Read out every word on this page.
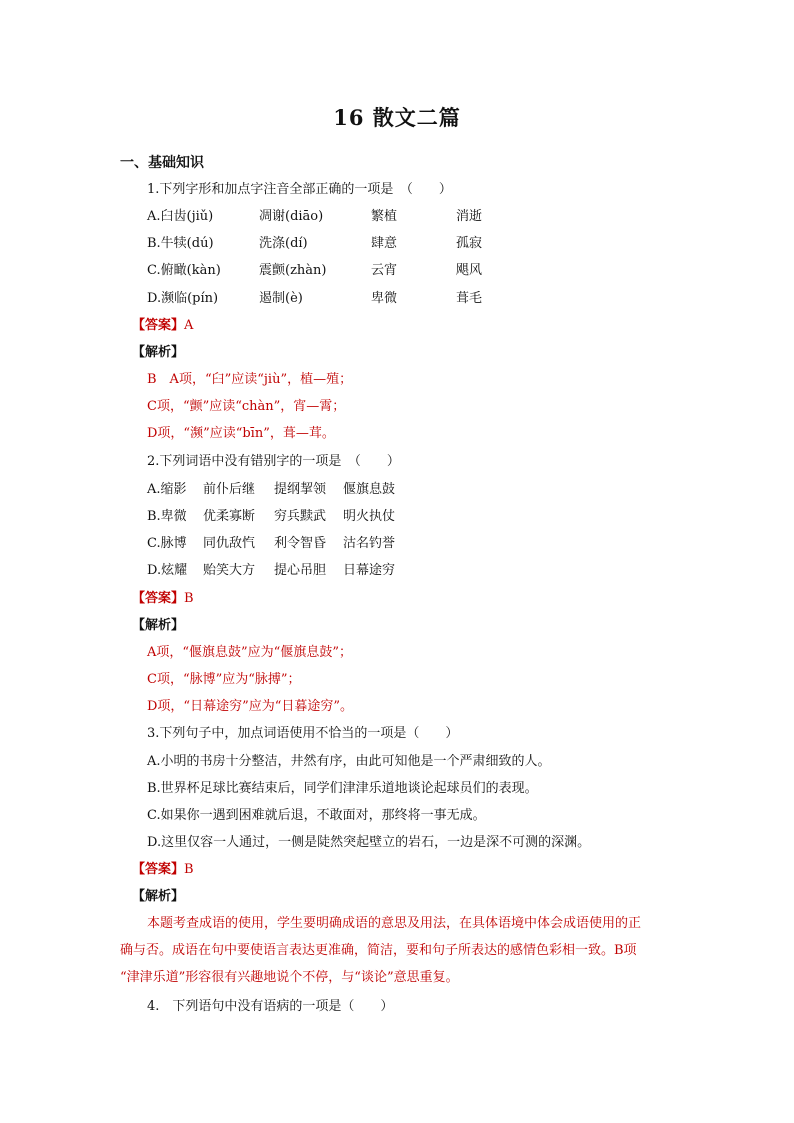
16 散文二篇
一、基础知识
1.下列字形和加点字注音全部正确的一项是　（　　）
A.臼齿(jiǔ)	凋谢(diāo)	繁植	消逝
B.牛犊(dú)	洗涤(dí)	肆意	孤寂
C.俯瞰(kàn)	震颤(zhàn)	云宵	飓风
D.濒临(pín)	遏制(è)	卑微	葺毛
【答案】A
【解析】
B　A项，“臼”应读“jiù”，植—殖；
C项，“颤”应读“chàn”，宵—霄；
D项，“濒”应读“bīn”，葺—茸。
2.下列词语中没有错别字的一项是　（　　）
A.缩影 前仆后继 提纲挈领 偃旗息鼓
B.卑微 优柔寡断 穷兵黩武 明火执仗
C.脉博 同仇敌忾 利令智昏 沽名钓誉
D.炫耀 贻笑大方 提心吊胆 日幕途穷
【答案】B
【解析】
A项，“偃旗息鼓”应为“偃旗息鼓”；
C项，“脉博”应为“脉搏”；
D项，“日幕途穷”应为“日暮途穷”。
3.下列句子中，加点词语使用不恰当的一项是（　　）
A.小明的书房十分整洁，井然有序，由此可知他是一个严肃细致的人。
B.世界杯足球比赛结束后，同学们津津乐道地谈论起球员们的表现。
C.如果你一遇到困难就后退，不敢面对，那终将一事无成。
D.这里仅容一人通过，一侧是陡然突起壁立的岩石，一边是深不可测的深渊。
【答案】B
【解析】
本题考查成语的使用，学生要明确成语的意思及用法，在具体语境中体会成语使用的正
确与否。成语在句中要使语言表达更准确，简洁，要和句子所表达的感情色彩相一致。B项
“津津乐道”形容很有兴趣地说个不停，与“谈论”意思重复。
4.　下列语句中没有语病的一项是（　　）
